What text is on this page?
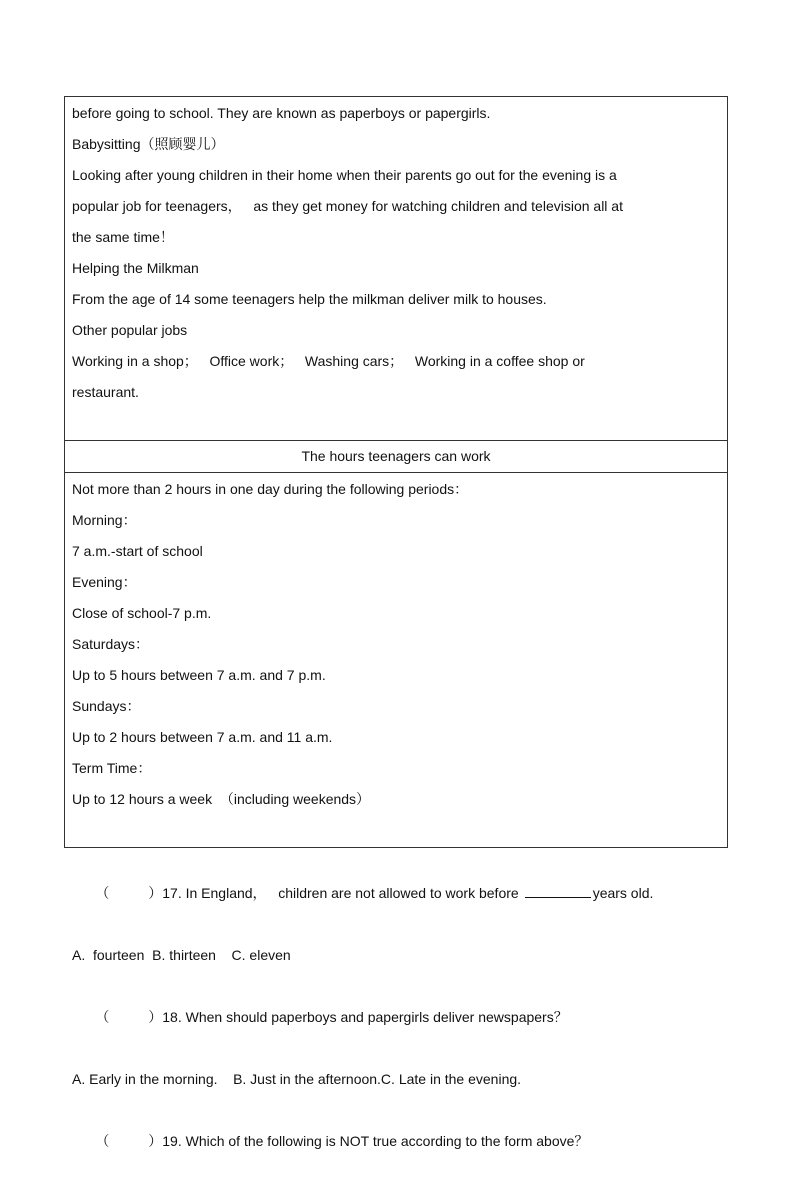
before going to school. They are known as paperboys or papergirls.
Babysitting（照顾婴儿）
Looking after young children in their home when their parents go out for the evening is a
popular job for teenagers，   as they get money for watching children and television all at
the same time！
Helping the Milkman
From the age of 14 some teenagers help the milkman deliver milk to houses.
Other popular jobs
Working in a shop；   Office work；   Washing cars；   Working in a coffee shop or
restaurant.

The hours teenagers can work

Not more than 2 hours in one day during the following periods：
Morning：
7 a.m.-start of school
Evening：
Close of school-7 p.m.
Saturdays：
Up to 5 hours between 7 a.m. and 7 p.m.
Sundays：
Up to 2 hours between 7 a.m. and 11 a.m.
Term Time：
Up to 12 hours a week  （including weekends）

（          ）17. In England，   children are not allowed to work before	years old.

A.  fourteen  B. thirteen    C. eleven

（          ）18. When should paperboys and papergirls deliver newspapers？

A. Early in the morning.    B. Just in the afternoon.C. Late in the evening.

（          ）19. Which of the following is NOT true according to the form above？
